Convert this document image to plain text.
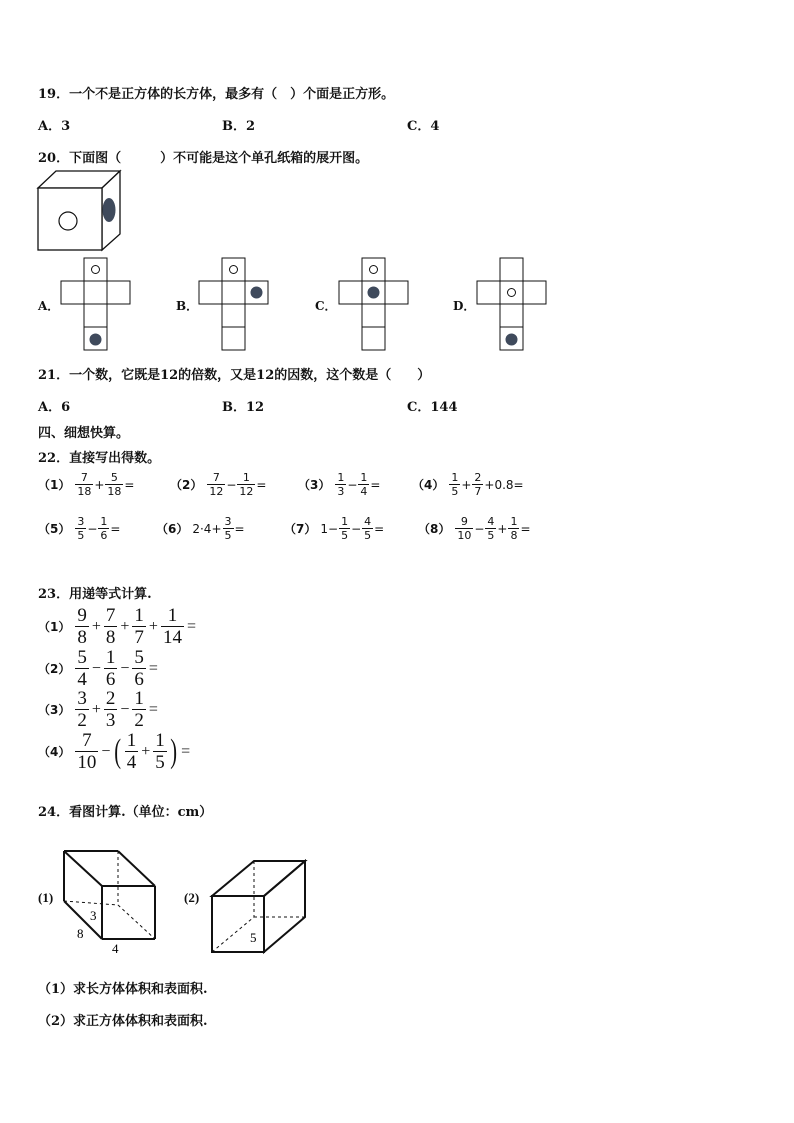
19．一个不是正方体的长方体，最多有（　）个面是正方形。
A．3	B．2	C．4
20．下面图（　　　）不可能是这个单孔纸箱的展开图。
A．	B．	C．	D．
21．一个数，它既是12的倍数，又是12的因数，这个数是（　　）
A．6	B．12	C．144
四、细想快算。
22．直接写出得数。
$(1) \frac{7}{18} + \frac{5}{18}$ =	$(2) \frac{7}{12} - \frac{1}{12}$ =	$(3) \frac{1}{3} - \frac{1}{4}$ =	$(4) \frac{1}{5} + \frac{2}{7} +0.8=$
$(5) \frac{3}{5} - \frac{1}{6}$ =	（6） $2\cdot 4+ \frac{3}{5}$ =	（7） $1- \frac{1}{5} - \frac{4}{5}$ =	$(8) \frac{9}{10} - \frac{4}{5} + \frac{1}{8}$ =
23．用递等式计算.
$(1) \frac{9}{8} + \frac{7}{8} + \frac{1}{7} + \frac{1}{14}$ =
$(2) \frac{5}{4} - \frac{1}{6} - \frac{5}{6}$ =
$(3) \frac{3}{2} + \frac{2}{3} - \frac{1}{2}$ =
$(4) \frac{7}{10}$ − ( $\frac{1}{4} + \frac{1}{5}$ ) =
24．看图计算.（单位：cm）
(1)
3
8
4
(2)
5
（1）求长方体体积和表面积.
（2）求正方体体积和表面积.
